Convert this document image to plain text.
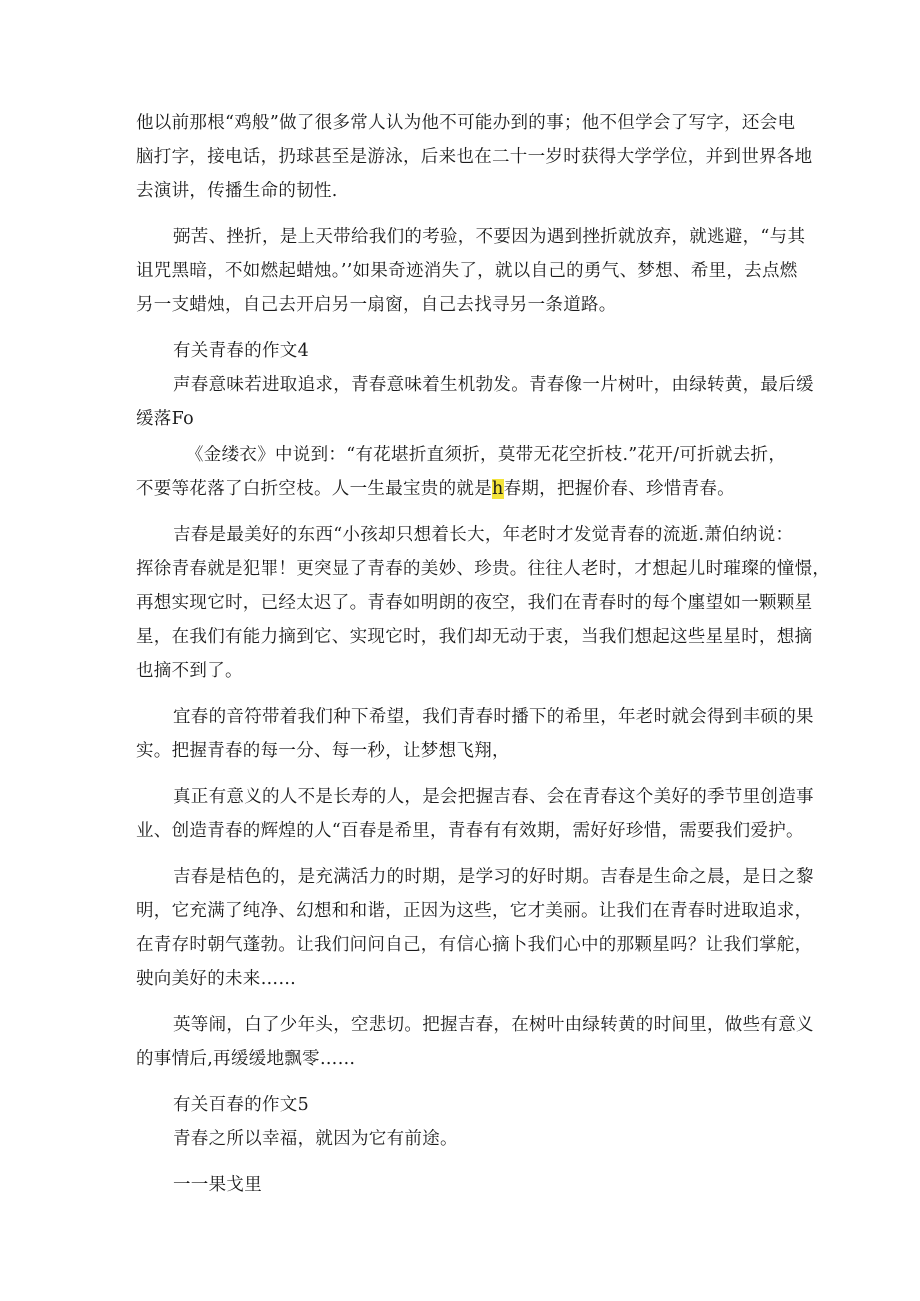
他以前那根“鸡般”做了很多常人认为他不可能办到的事；他不但学会了写字，还会电
脑打字，接电话，扔球甚至是游泳，后来也在二十一岁时获得大学学位，并到世界各地
去演讲，传播生命的韧性.
弼苦、挫折，是上天带给我们的考验，不要因为遇到挫折就放弃，就逃避，“与其
诅咒黑暗，不如燃起蜡烛。’’如果奇迹消失了，就以自己的勇气、梦想、希里，去点燃
另一支蜡烛，自己去开启另一扇窗，自己去找寻另一条道路。
有关青春的作文4
声春意味若进取追求，青春意味着生机勃发。青春像一片树叶，由绿转黄，最后缓
缓落Fo
《金缕衣》中说到：“有花堪折直须折，莫带无花空折枝.”花开/可折就去折，
不要等花落了白折空枝。人一生最宝贵的就是h春期，把握价春、珍惜青春。
吉春是最美好的东西“小孩却只想着长大，年老时才发觉青春的流逝.萧伯纳说：
挥徐青春就是犯罪！更突显了青春的美妙、珍贵。往往人老时，才想起儿时璀璨的憧憬，
再想实现它时，已经太迟了。青春如明朗的夜空，我们在青春时的每个廛望如一颗颗星
星，在我们有能力摘到它、实现它时，我们却无动于衷，当我们想起这些星星时，想摘
也摘不到了。
宜春的音符带着我们种下希望，我们青春时播下的希里，年老时就会得到丰硕的果
实。把握青春的每一分、每一秒，让梦想飞翔，
真正有意义的人不是长寿的人，是会把握吉春、会在青春这个美好的季节里创造事
业、创造青春的辉煌的人“百春是希里，青春有有效期，需好好珍惜，需要我们爱护。
吉春是桔色的，是充满活力的时期，是学习的好时期。吉春是生命之晨，是日之黎
明，它充满了纯净、幻想和和谐，正因为这些，它才美丽。让我们在青春时进取追求，
在青存时朝气蓬勃。让我们问问自己，有信心摘卜我们心中的那颗星吗？让我们掌舵，
驶向美好的未来……
英等闹，白了少年头，空悲切。把握吉春，在树叶由绿转黄的时间里，做些有意义
的事情后,再缓缓地飘零……
有关百春的作文5
青春之所以幸福，就因为它有前途。
一一果戈里
